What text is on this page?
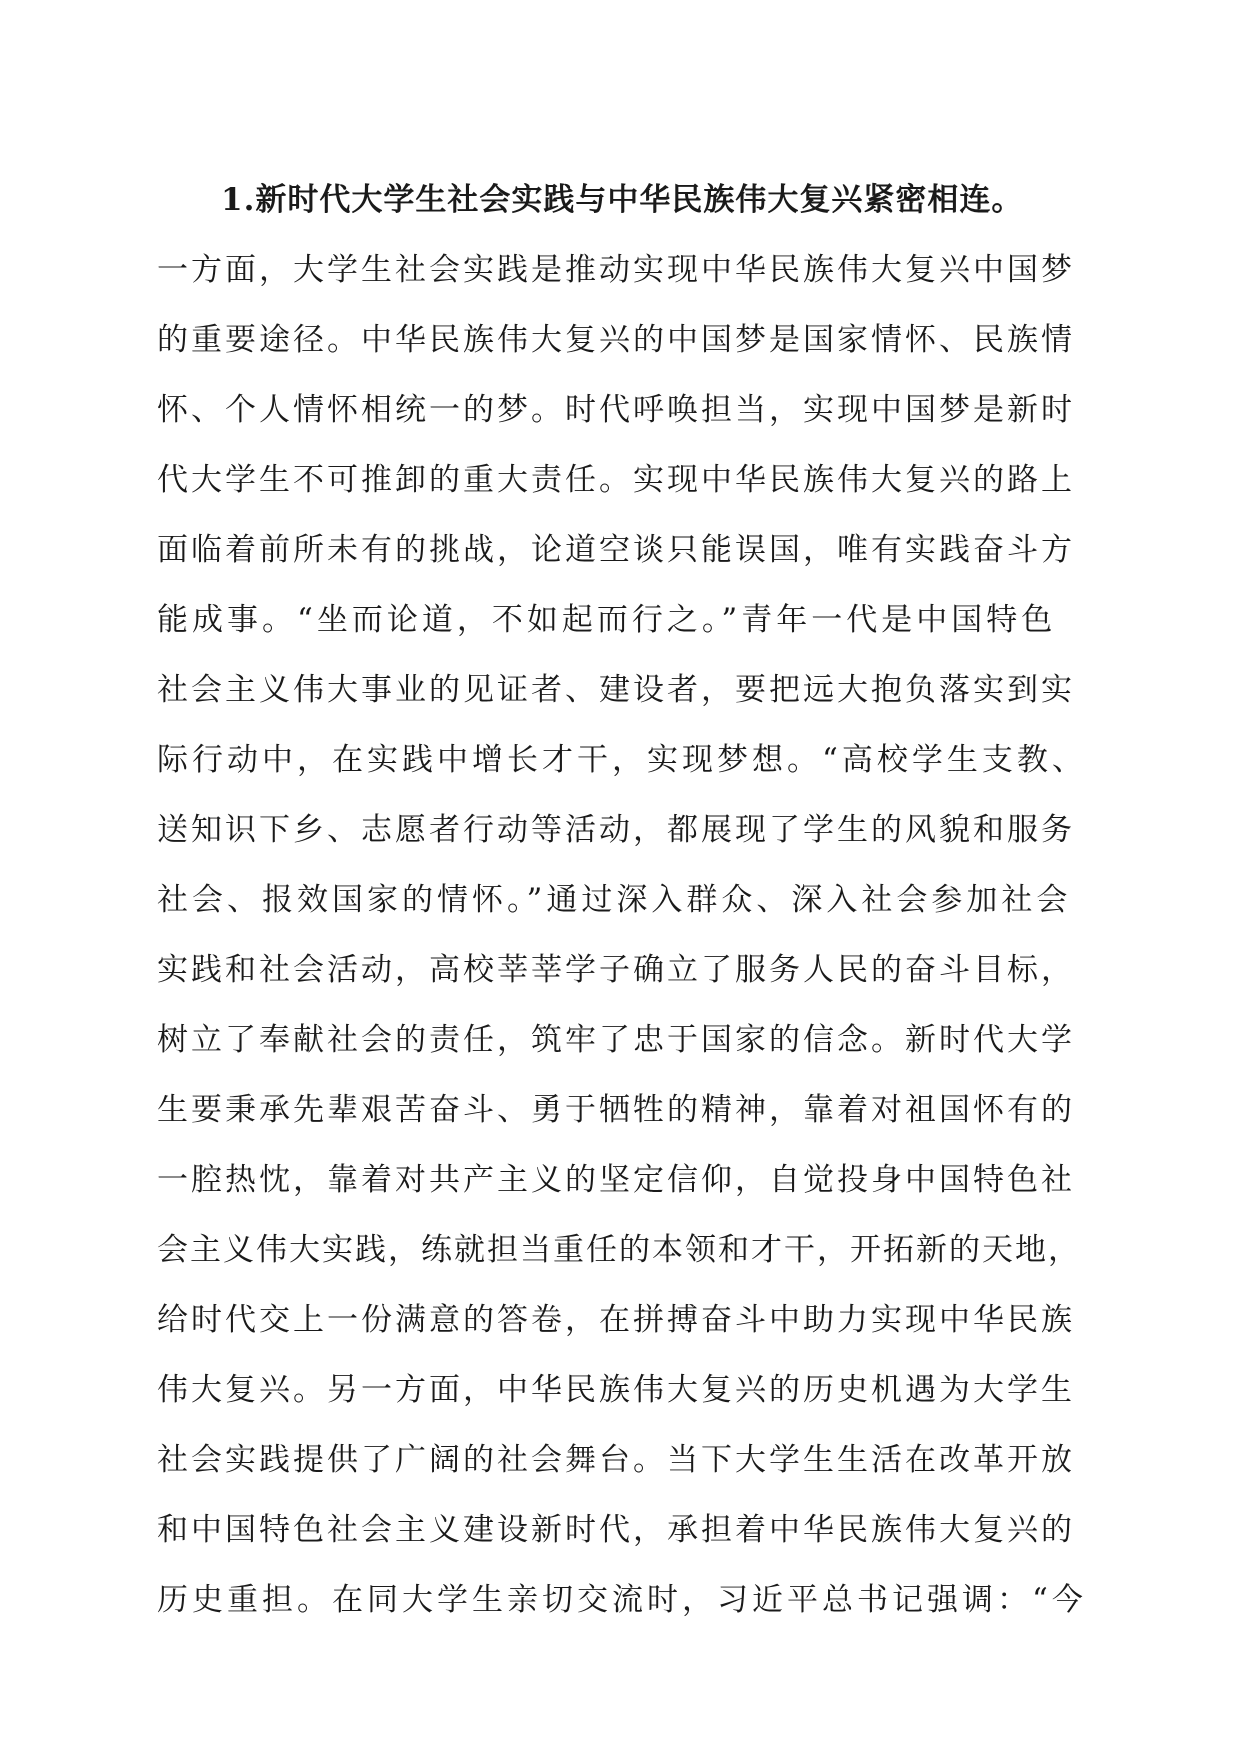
1.新时代大学生社会实践与中华民族伟大复兴紧密相连。
一方面，大学生社会实践是推动实现中华民族伟大复兴中国梦
的重要途径。中华民族伟大复兴的中国梦是国家情怀、民族情
怀、个人情怀相统一的梦。时代呼唤担当，实现中国梦是新时
代大学生不可推卸的重大责任。实现中华民族伟大复兴的路上
面临着前所未有的挑战，论道空谈只能误国，唯有实践奋斗方
能成事。“坐而论道，不如起而行之。”青年一代是中国特色
社会主义伟大事业的见证者、建设者，要把远大抱负落实到实
际行动中，在实践中增长才干，实现梦想。“高校学生支教、
送知识下乡、志愿者行动等活动，都展现了学生的风貌和服务
社会、报效国家的情怀。”通过深入群众、深入社会参加社会
实践和社会活动，高校莘莘学子确立了服务人民的奋斗目标，
树立了奉献社会的责任，筑牢了忠于国家的信念。新时代大学
生要秉承先辈艰苦奋斗、勇于牺牲的精神，靠着对祖国怀有的
一腔热忱，靠着对共产主义的坚定信仰，自觉投身中国特色社
会主义伟大实践，练就担当重任的本领和才干，开拓新的天地，
给时代交上一份满意的答卷，在拼搏奋斗中助力实现中华民族
伟大复兴。另一方面，中华民族伟大复兴的历史机遇为大学生
社会实践提供了广阔的社会舞台。当下大学生生活在改革开放
和中国特色社会主义建设新时代，承担着中华民族伟大复兴的
历史重担。在同大学生亲切交流时，习近平总书记强调：“今
